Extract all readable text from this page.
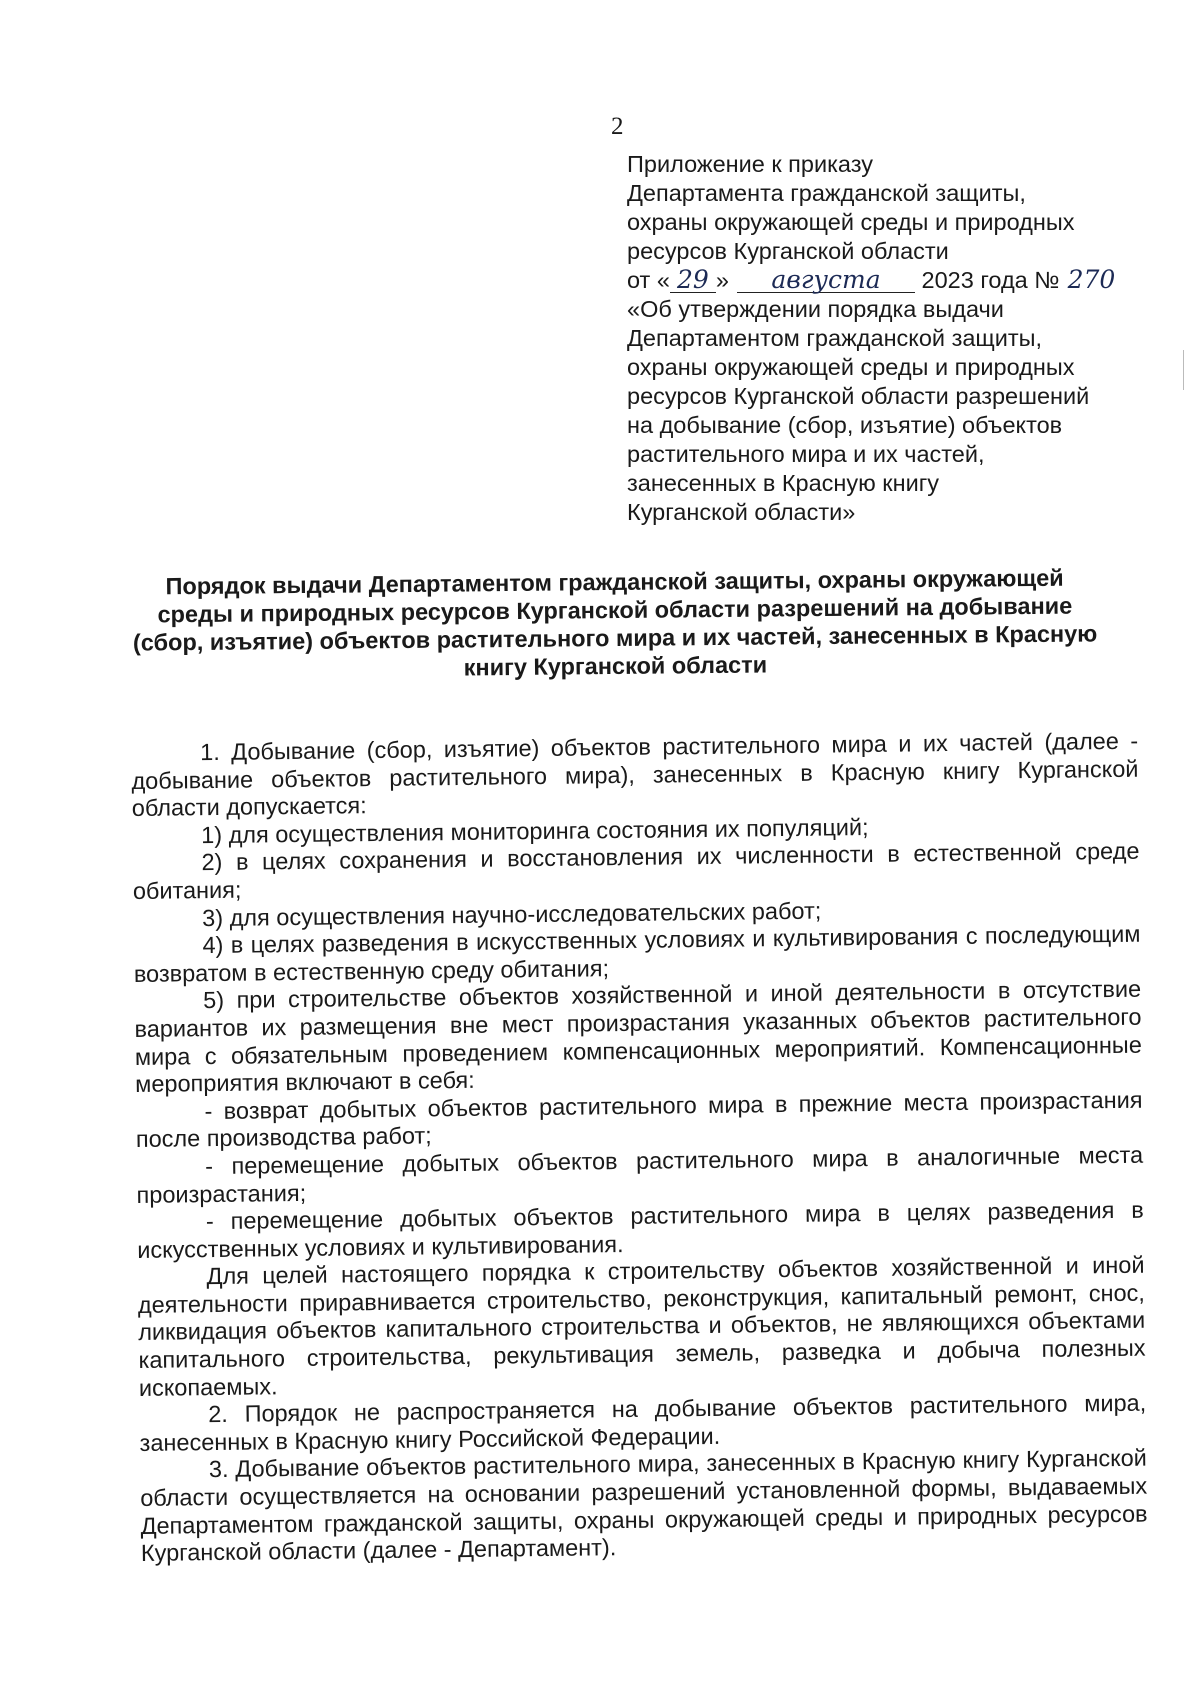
2
Приложение к приказу
Департамента гражданской защиты,
охраны окружающей среды и природных
ресурсов Курганской области
от « 29 » августа 2023 года № 270
«Об утверждении порядка выдачи
Департаментом гражданской защиты,
охраны окружающей среды и природных
ресурсов Курганской области разрешений
на добывание (сбор, изъятие) объектов
растительного мира и их частей,
занесенных в Красную книгу
Курганской области»
Порядок выдачи Департаментом гражданской защиты, охраны окружающей
среды и природных ресурсов Курганской области разрешений на добывание
(сбор, изъятие) объектов растительного мира и их частей, занесенных в Красную
книгу Курганской области

1. Добывание (сбор, изъятие) объектов растительного мира и их частей (далее - добывание объектов растительного мира), занесенных в Красную книгу Курганской области допускается:

1) для осуществления мониторинга состояния их популяций;

2) в целях сохранения и восстановления их численности в естественной среде обитания;

3) для осуществления научно-исследовательских работ;

4) в целях разведения в искусственных условиях и культивирования с последующим возвратом в естественную среду обитания;

5) при строительстве объектов хозяйственной и иной деятельности в отсутствие вариантов их размещения вне мест произрастания указанных объектов растительного мира с обязательным проведением компенсационных мероприятий. Компенсационные мероприятия включают в себя:

- возврат добытых объектов растительного мира в прежние места произрастания после производства работ;

- перемещение добытых объектов растительного мира в аналогичные места произрастания;

- перемещение добытых объектов растительного мира в целях разведения в искусственных условиях и культивирования.

Для целей настоящего порядка к строительству объектов хозяйственной и иной деятельности приравнивается строительство, реконструкция, капитальный ремонт, снос, ликвидация объектов капитального строительства и объектов, не являющихся объектами капитального строительства, рекультивация земель, разведка и добыча полезных ископаемых.

2. Порядок не распространяется на добывание объектов растительного мира, занесенных в Красную книгу Российской Федерации.

3. Добывание объектов растительного мира, занесенных в Красную книгу Курганской области осуществляется на основании разрешений установленной формы, выдаваемых Департаментом гражданской защиты, охраны окружающей среды и природных ресурсов Курганской области (далее - Департамент).
